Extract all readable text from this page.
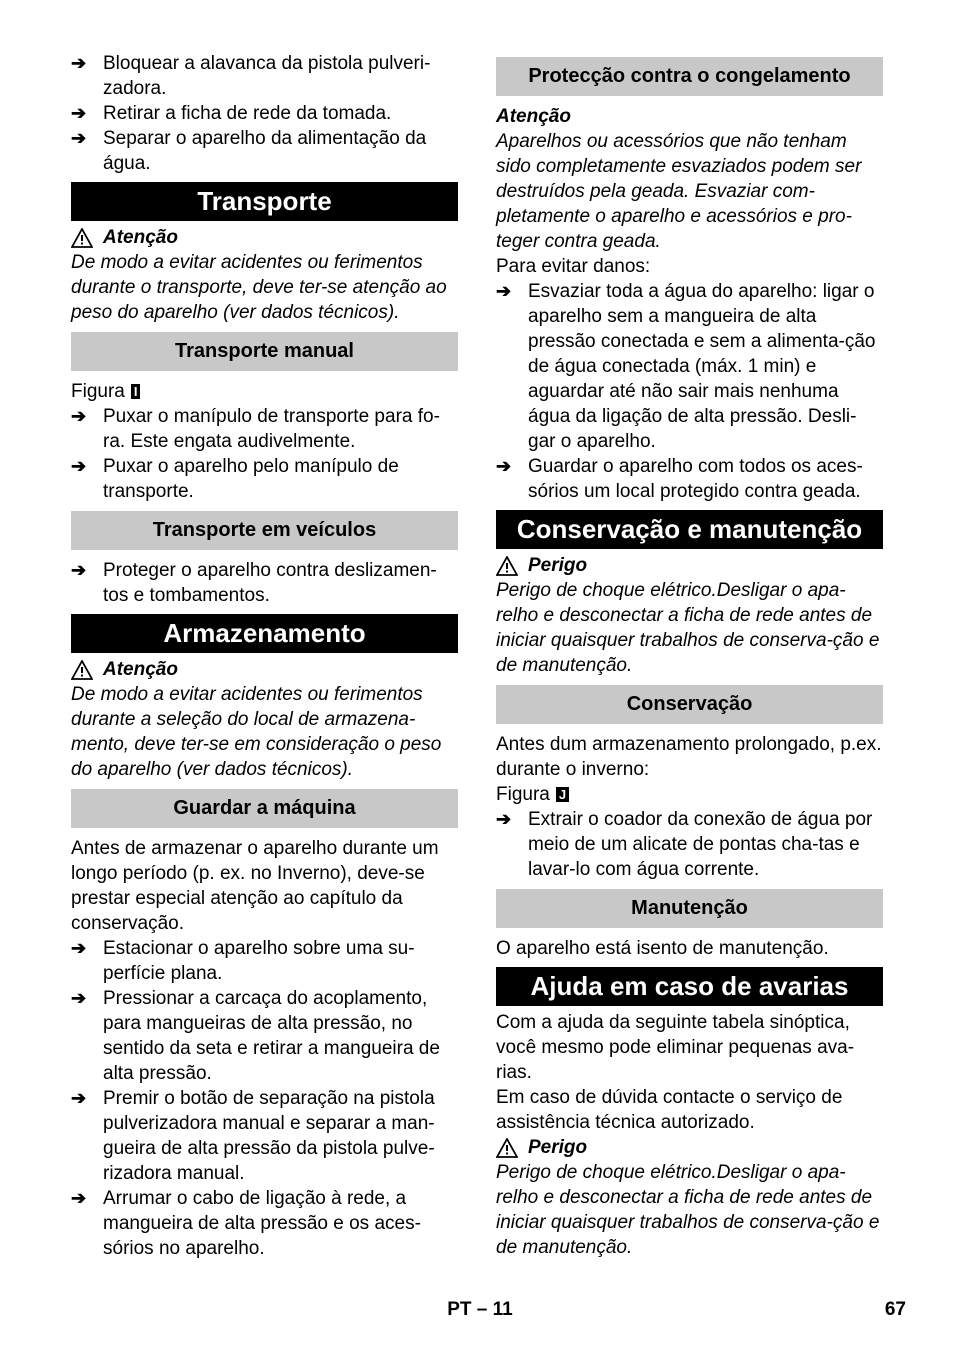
➔ Bloquear a alavanca da pistola pulveri-zadora.
➔ Retirar a ficha de rede da tomada.
➔ Separar o aparelho da alimentação da água.
Transporte
Atenção

De modo a evitar acidentes ou ferimentos durante o transporte, deve ter-se atenção ao peso do aparelho (ver dados técnicos).

Transporte manual

Figura I

➔ Puxar o manípulo de transporte para fo-ra. Este engata audivelmente.
➔ Puxar o aparelho pelo manípulo de transporte.
Transporte em veículos
➔ Proteger o aparelho contra deslizamen-tos e tombamentos.
Armazenamento
Atenção

De modo a evitar acidentes ou ferimentos durante a seleção do local de armazena-mento, deve ter-se em consideração o peso do aparelho (ver dados técnicos).

Guardar a máquina

Antes de armazenar o aparelho durante um longo período (p. ex. no Inverno), deve-se prestar especial atenção ao capítulo da conservação.

➔ Estacionar o aparelho sobre uma su-perfície plana.
➔ Pressionar a carcaça do acoplamento, para mangueiras de alta pressão, no sentido da seta e retirar a mangueira de alta pressão.
➔ Premir o botão de separação na pistola pulverizadora manual e separar a man-gueira de alta pressão da pistola pulve-rizadora manual.
➔ Arrumar o cabo de ligação à rede, a mangueira de alta pressão e os aces-sórios no aparelho.
Protecção contra o congelamento
Atenção

Aparelhos ou acessórios que não tenham sido completamente esvaziados podem ser destruídos pela geada. Esvaziar com-pletamente o aparelho e acessórios e pro-teger contra geada.

Para evitar danos:

➔ Esvaziar toda a água do aparelho: ligar o aparelho sem a mangueira de alta pressão conectada e sem a alimenta-ção de água conectada (máx. 1 min) e aguardar até não sair mais nenhuma água da ligação de alta pressão. Desli-gar o aparelho.
➔ Guardar o aparelho com todos os aces-sórios um local protegido contra geada.
Conservação e manutenção
Perigo

Perigo de choque elétrico.Desligar o apa-relho e desconectar a ficha de rede antes de iniciar quaisquer trabalhos de conserva-ção e de manutenção.

Conservação

Antes dum armazenamento prolongado, p.ex. durante o inverno:

Figura J

➔ Extrair o coador da conexão de água por meio de um alicate de pontas cha-tas e lavar-lo com água corrente.
Manutenção

O aparelho está isento de manutenção.

Ajuda em caso de avarias

Com a ajuda da seguinte tabela sinóptica, você mesmo pode eliminar pequenas ava-rias.

Em caso de dúvida contacte o serviço de assistência técnica autorizado.

Perigo

Perigo de choque elétrico.Desligar o apa-relho e desconectar a ficha de rede antes de iniciar quaisquer trabalhos de conserva-ção e de manutenção.

PT – 11	67
